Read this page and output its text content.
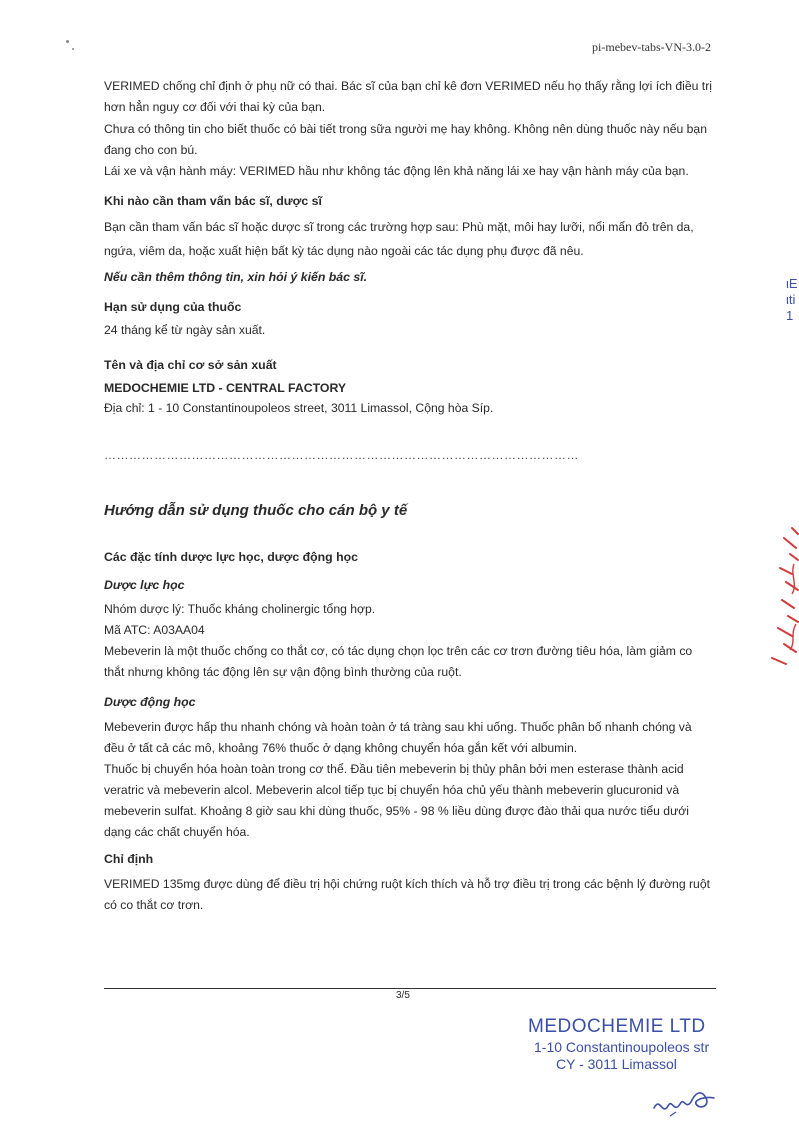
pi-mebev-tabs-VN-3.0-2
VERIMED chống chỉ định ở phụ nữ có thai. Bác sĩ của bạn chỉ kê đơn VERIMED nếu họ thấy rằng lợi ích điều trị
hơn hẳn nguy cơ đối với thai kỳ của bạn.
Chưa có thông tin cho biết thuốc có bài tiết trong sữa người mẹ hay không. Không nên dùng thuốc này nếu bạn
đang cho con bú.
Lái xe và vận hành máy: VERIMED hầu như không tác động lên khả năng lái xe hay vận hành máy của bạn.
Khi nào cần tham vấn bác sĩ, dược sĩ
Bạn cần tham vấn bác sĩ hoặc dược sĩ trong các trường hợp sau: Phù mặt, môi hay lưỡi, nổi mẩn đỏ trên da,
ngứa, viêm da, hoặc xuất hiện bất kỳ tác dụng nào ngoài các tác dụng phụ được đã nêu.
Nếu cần thêm thông tin, xin hỏi ý kiến bác sĩ.
Hạn sử dụng của thuốc
24 tháng kể từ ngày sản xuất.
Tên và địa chỉ cơ sở sản xuất
MEDOCHEMIE LTD - CENTRAL FACTORY
Địa chỉ: 1 - 10 Constantinoupoleos street, 3011 Limassol, Cộng hòa Síp.
……………………………………………………………………………………………………
Hướng dẫn sử dụng thuốc cho cán bộ y tế
Các đặc tính dược lực học, dược động học
Dược lực học
Nhóm dược lý: Thuốc kháng cholinergic tổng hợp.
Mã ATC: A03AA04
Mebeverin là một thuốc chống co thắt cơ, có tác dụng chọn lọc trên các cơ trơn đường tiêu hóa, làm giảm co
thắt nhưng không tác động lên sự vận động bình thường của ruột.
Dược động học
Mebeverin được hấp thu nhanh chóng và hoàn toàn ở tá tràng sau khi uống. Thuốc phân bố nhanh chóng và
đều ở tất cả các mô, khoảng 76% thuốc ở dạng không chuyển hóa gắn kết với albumin.
Thuốc bị chuyển hóa hoàn toàn trong cơ thể. Đầu tiên mebeverin bị thủy phân bởi men esterase thành acid
veratric và mebeverin alcol. Mebeverin alcol tiếp tục bị chuyển hóa chủ yếu thành mebeverin glucuronid và
mebeverin sulfat. Khoảng 8 giờ sau khi dùng thuốc, 95% - 98 % liều dùng được đào thải qua nước tiểu dưới
dạng các chất chuyển hóa.
Chỉ định
VERIMED 135mg được dùng để điều trị hội chứng ruột kích thích và hỗ trợ điều trị trong các bệnh lý đường ruột
có co thắt cơ trơn.
3/5
MEDOCHEMIE LTD
1-10 Constantinoupoleos str
CY - 3011 Limassol
ιE
ιti
1
